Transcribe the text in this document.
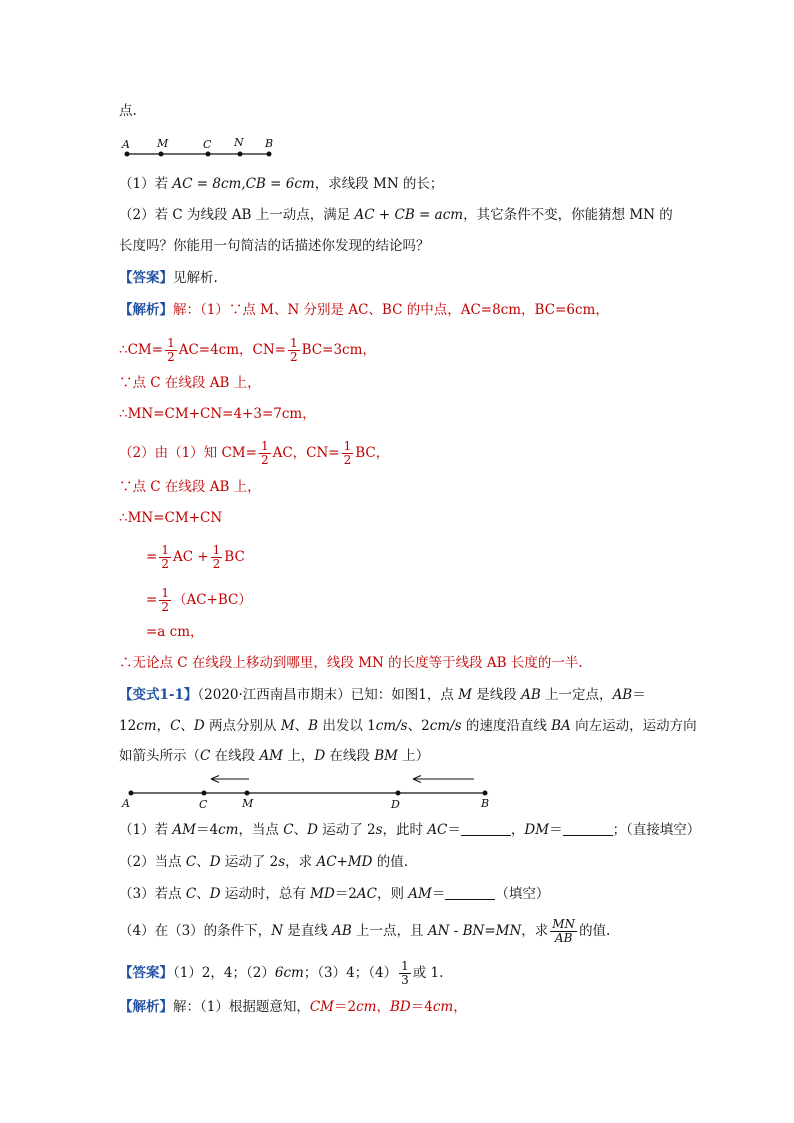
点.
A M	C N B
（1）若 AC = 8cm,CB = 6cm，求线段 MN 的长；
（2）若 C 为线段 AB 上一动点，满足 AC + CB = acm，其它条件不变，你能猜想 MN 的
长度吗？你能用一句简洁的话描述你发现的结论吗？
【答案】见解析.
【解析】解：（1）∵点 M、N 分别是 AC、BC 的中点，AC=8cm，BC=6cm，
∴CM= $\frac{1}{2} AC=4cm$，$CN= \frac{1}{2} BC=3cm$，
∵点 C 在线段 AB 上，
∴MN=CM+CN=4+3=7cm，
（2）由（1）知 $CM= \frac{1}{2}$ AC，$CN= \frac{1}{2}$ BC，
∵点 C 在线段 AB 上，
∴MN=CM+CN
= $\frac{1}{2}$ AC + $\frac{1}{2}$ BC
= $\frac{1}{2} (AC+BC)$
=a cm，
∴无论点 C 在线段上移动到哪里，线段 MN 的长度等于线段 AB 长度的一半.
【变式1-1】（2020·江西南昌市期末）已知：如图1，点 M 是线段 AB 上一定点，AB＝
12cm，C、D 两点分别从 M、B 出发以 1cm/s、2cm/s 的速度沿直线 BA 向左运动，运动方向
如箭头所示（C 在线段 AM 上，D 在线段 BM 上）
A	C	M	D	B
（1）若 AM＝4cm，当点 C、D 运动了 2s，此时 AC＝	，DM＝	；（直接填空）
（2）当点 C、D 运动了 2s，求 AC+MD 的值.
（3）若点 C、D 运动时，总有 MD＝2AC，则 AM＝	（填空）
（4）在（3）的条件下，N 是直线 AB 上一点，且 AN - BN=MN，求 $\frac{MN}{AB}$ 的值.
【答案】（1）2，4；（2）6cm；（3）4；$(4) \frac{1}{3}$ 或 1.
【解析】解：（1）根据题意知，CM＝2cm，BD＝4cm，
